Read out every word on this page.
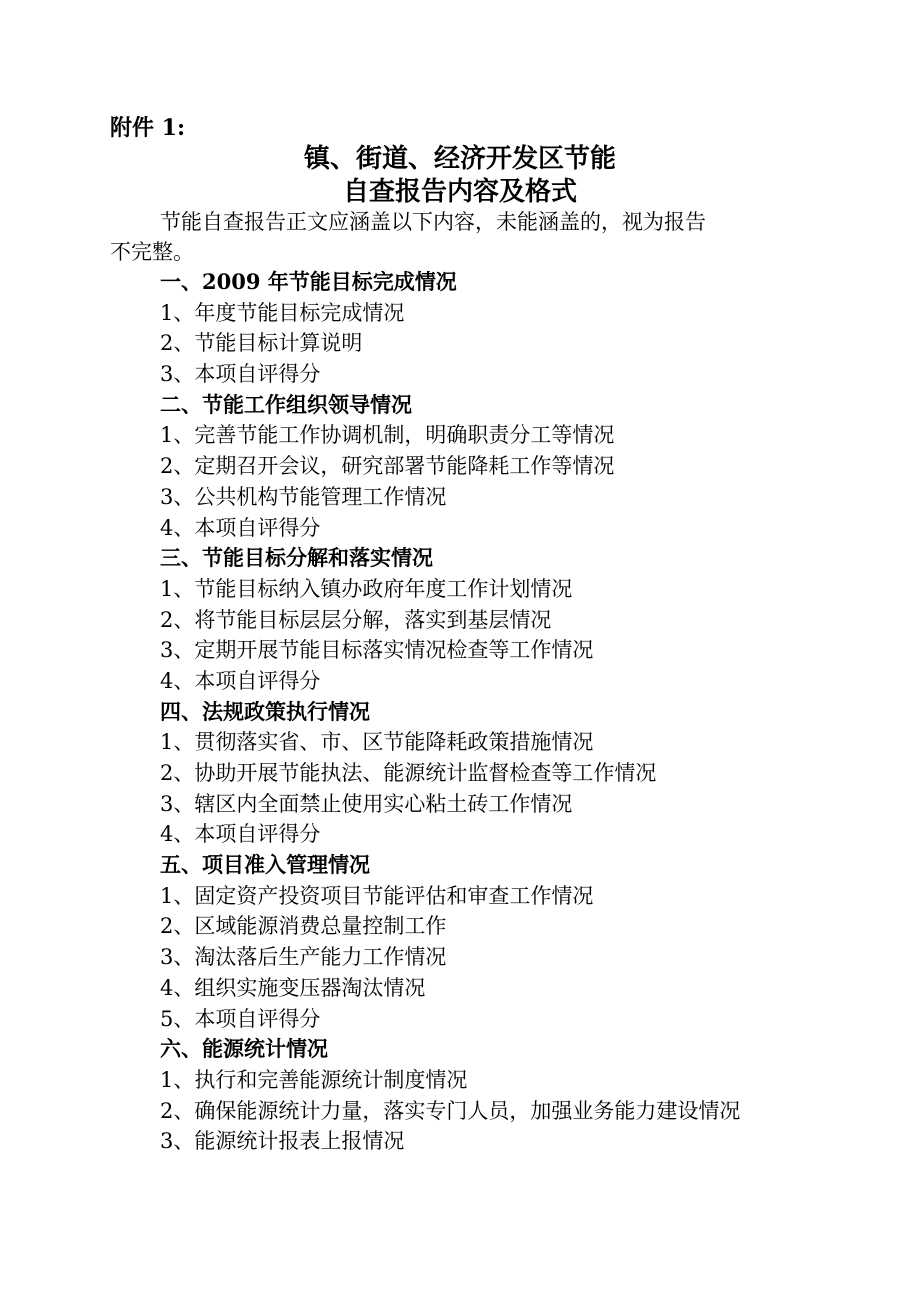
附件 1:
镇、街道、经济开发区节能
自查报告内容及格式
节能自查报告正文应涵盖以下内容，未能涵盖的，视为报告
不完整。
一、2009 年节能目标完成情况
1、年度节能目标完成情况
2、节能目标计算说明
3、本项自评得分
二、节能工作组织领导情况
1、完善节能工作协调机制，明确职责分工等情况
2、定期召开会议，研究部署节能降耗工作等情况
3、公共机构节能管理工作情况
4、本项自评得分
三、节能目标分解和落实情况
1、节能目标纳入镇办政府年度工作计划情况
2、将节能目标层层分解，落实到基层情况
3、定期开展节能目标落实情况检查等工作情况
4、本项自评得分
四、法规政策执行情况
1、贯彻落实省、市、区节能降耗政策措施情况
2、协助开展节能执法、能源统计监督检查等工作情况
3、辖区内全面禁止使用实心粘土砖工作情况
4、本项自评得分
五、项目准入管理情况
1、固定资产投资项目节能评估和审查工作情况
2、区域能源消费总量控制工作
3、淘汰落后生产能力工作情况
4、组织实施变压器淘汰情况
5、本项自评得分
六、能源统计情况
1、执行和完善能源统计制度情况
2、确保能源统计力量，落实专门人员，加强业务能力建设情况
3、能源统计报表上报情况
